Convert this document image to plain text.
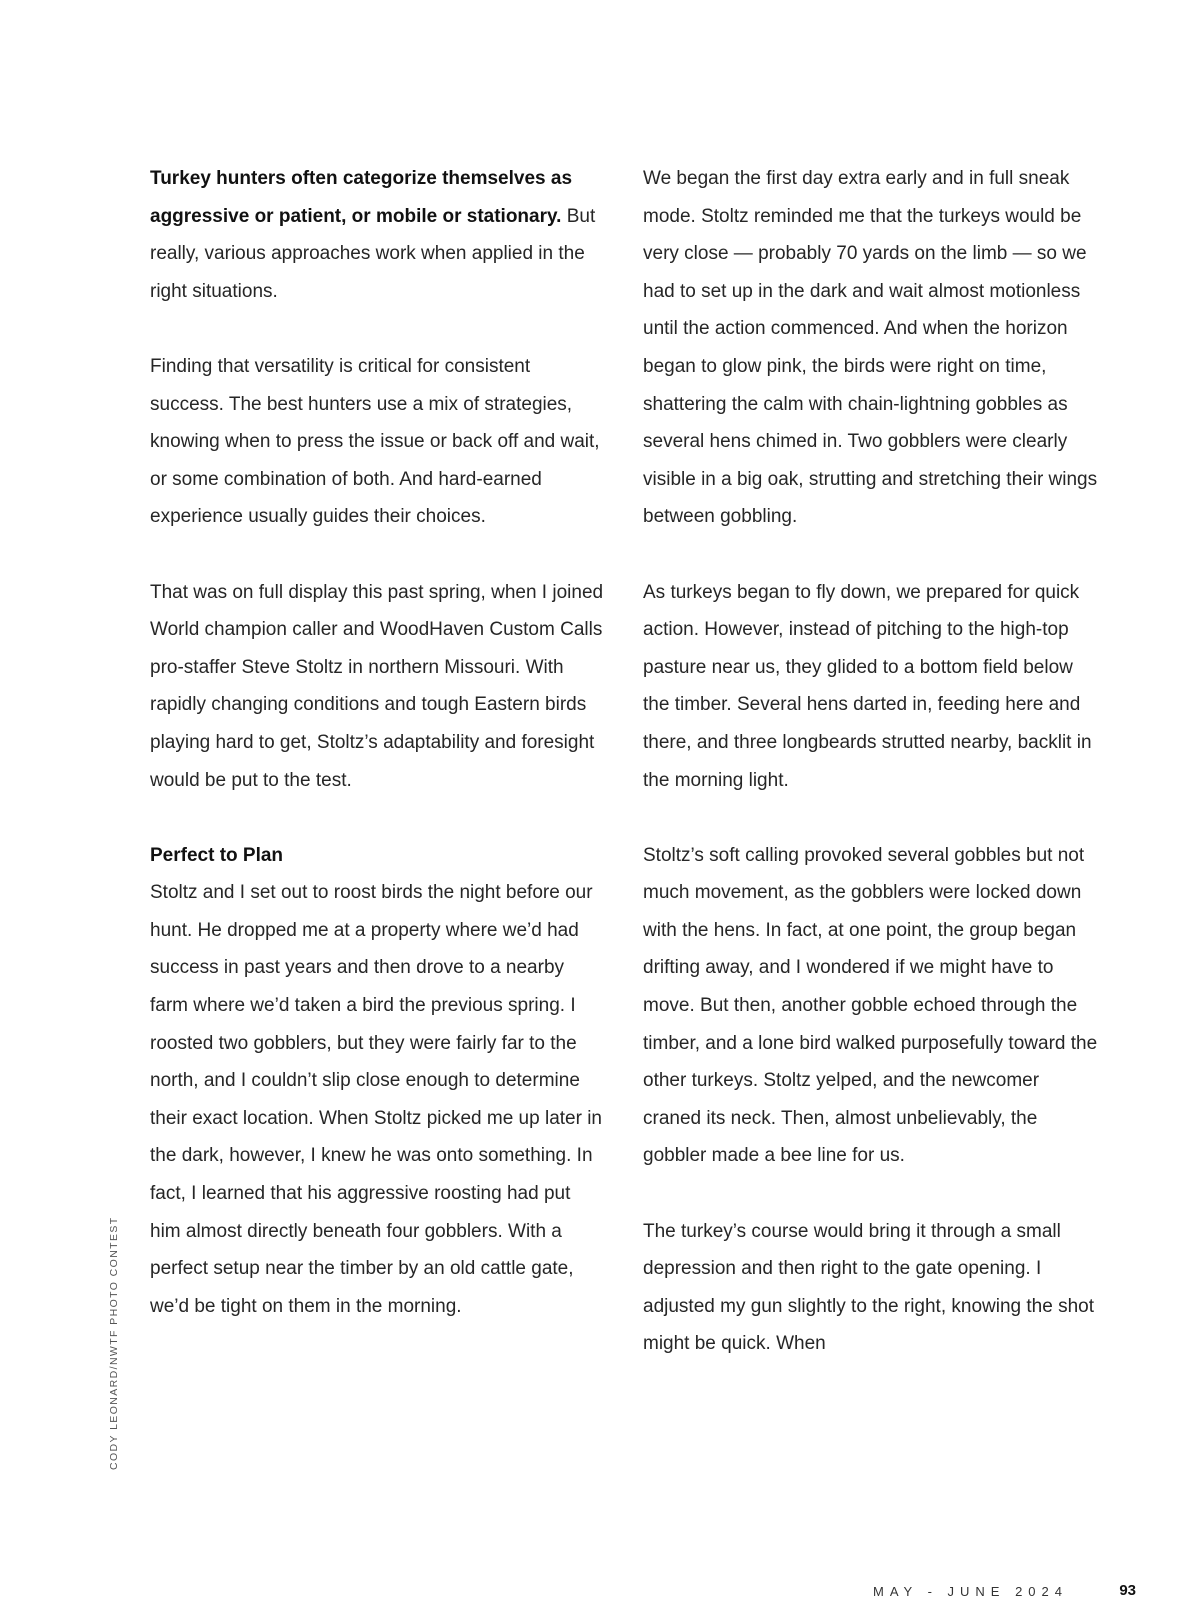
CODY LEONARD/NWTF PHOTO CONTEST

Turkey hunters often categorize themselves as aggressive or patient, or mobile or stationary. But really, various approaches work when applied in the right situations.

Finding that versatility is critical for consistent success. The best hunters use a mix of strategies, knowing when to press the issue or back off and wait, or some combination of both. And hard-earned experience usually guides their choices.

That was on full display this past spring, when I joined World champion caller and WoodHaven Custom Calls pro-staffer Steve Stoltz in northern Missouri. With rapidly changing conditions and tough Eastern birds playing hard to get, Stoltz’s adaptability and foresight would be put to the test.

Perfect to Plan

Stoltz and I set out to roost birds the night before our hunt. He dropped me at a property where we’d had success in past years and then drove to a nearby farm where we’d taken a bird the previous spring. I roosted two gobblers, but they were fairly far to the north, and I couldn’t slip close enough to determine their exact location. When Stoltz picked me up later in the dark, however, I knew he was onto something. In fact, I learned that his aggressive roosting had put him almost directly beneath four gobblers. With a perfect setup near the timber by an old cattle gate, we’d be tight on them in the morning.

We began the first day extra early and in full sneak mode. Stoltz reminded me that the turkeys would be very close — probably 70 yards on the limb — so we had to set up in the dark and wait almost motionless until the action commenced. And when the horizon began to glow pink, the birds were right on time, shattering the calm with chain-lightning gobbles as several hens chimed in. Two gobblers were clearly visible in a big oak, strutting and stretching their wings between gobbling.

As turkeys began to fly down, we prepared for quick action. However, instead of pitching to the high-top pasture near us, they glided to a bottom field below the timber. Several hens darted in, feeding here and there, and three longbeards strutted nearby, backlit in the morning light.

Stoltz’s soft calling provoked several gobbles but not much movement, as the gobblers were locked down with the hens. In fact, at one point, the group began drifting away, and I wondered if we might have to move. But then, another gobble echoed through the timber, and a lone bird walked purposefully toward the other turkeys. Stoltz yelped, and the newcomer craned its neck. Then, almost unbelievably, the gobbler made a bee line for us.

The turkey’s course would bring it through a small depression and then right to the gate opening. I adjusted my gun slightly to the right, knowing the shot might be quick. When

MAY - JUNE 2024	93
